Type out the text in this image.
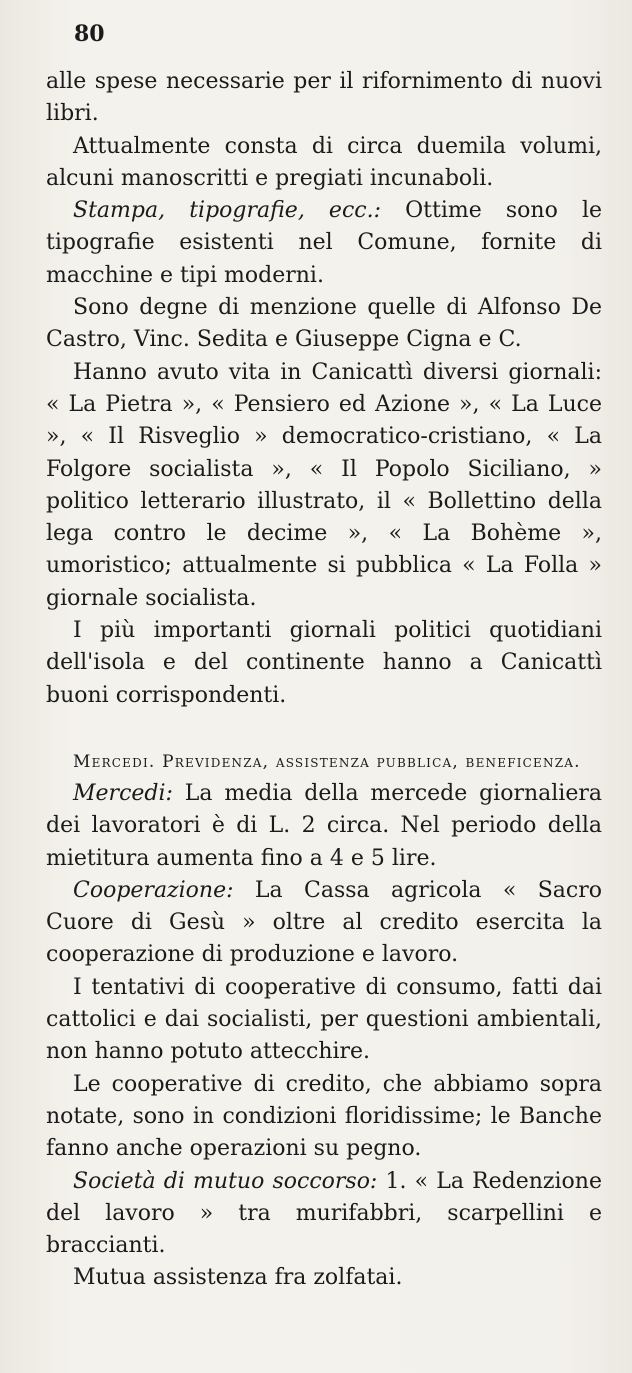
80

alle spese necessarie per il rifornimento di nuovi libri.

Attualmente consta di circa duemila volumi, alcuni manoscritti e pregiati incunaboli.

Stampa, tipografie, ecc.: Ottime sono le tipografie esistenti nel Comune, fornite di macchine e tipi moderni.

Sono degne di menzione quelle di Alfonso De Castro, Vinc. Sedita e Giuseppe Cigna e C.

Hanno avuto vita in Canicattì diversi giornali: « La Pietra », « Pensiero ed Azione », « La Luce », « Il Risveglio » democratico-cristiano, « La Folgore socialista », « Il Popolo Siciliano, » politico letterario illustrato, il « Bollettino della lega contro le decime », « La Bohème », umoristico; attualmente si pubblica « La Folla » giornale socialista.

I più importanti giornali politici quotidiani dell'isola e del continente hanno a Canicattì buoni corrispondenti.

Mercedi. Previdenza, assistenza pubblica, beneficenza.

Mercedi: La media della mercede giornaliera dei lavoratori è di L. 2 circa. Nel periodo della mietitura aumenta fino a 4 e 5 lire.

Cooperazione: La Cassa agricola « Sacro Cuore di Gesù » oltre al credito esercita la cooperazione di produzione e lavoro.

I tentativi di cooperative di consumo, fatti dai cattolici e dai socialisti, per questioni ambientali, non hanno potuto attecchire.

Le cooperative di credito, che abbiamo sopra notate, sono in condizioni floridissime; le Banche fanno anche operazioni su pegno.

Società di mutuo soccorso: 1. « La Redenzione del lavoro » tra murifabbri, scarpellini e braccianti.

Mutua assistenza fra zolfatai.
